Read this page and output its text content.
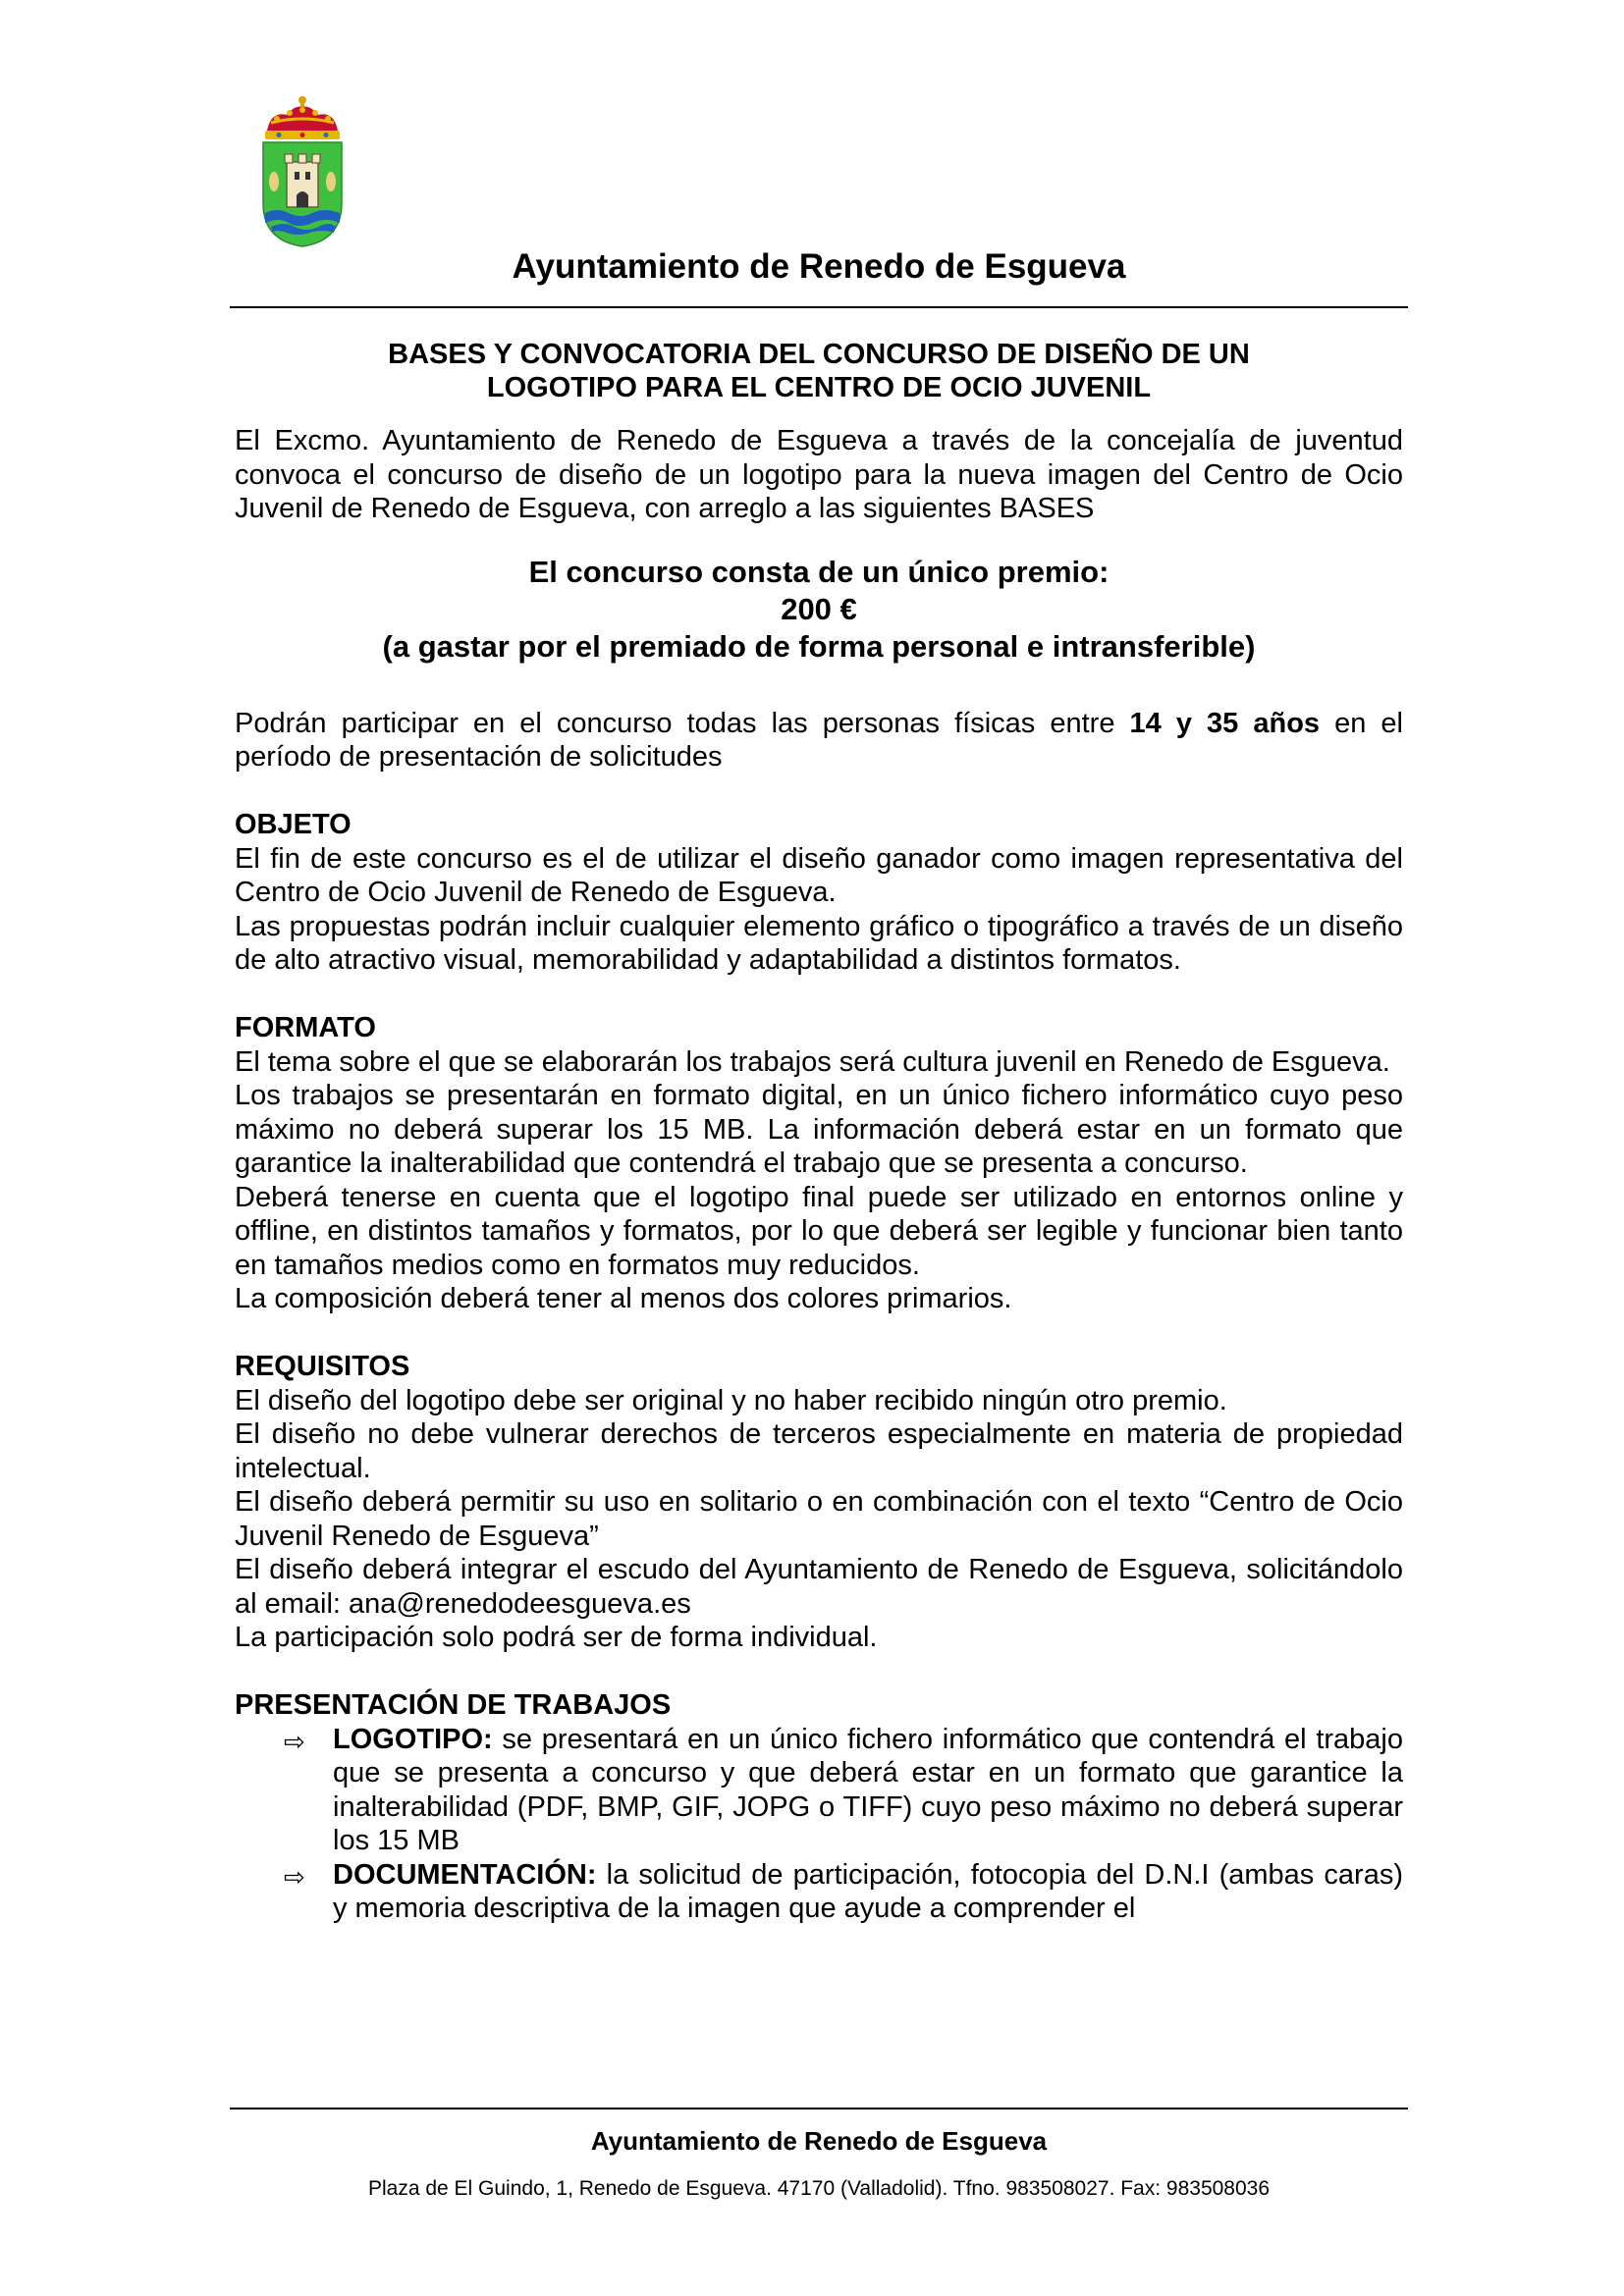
Ayuntamiento de Renedo de Esgueva

BASES Y CONVOCATORIA DEL CONCURSO DE DISEÑO DE UN
LOGOTIPO PARA EL CENTRO DE OCIO JUVENIL

El Excmo. Ayuntamiento de Renedo de Esgueva a través de la concejalía de juventud convoca el concurso de diseño de un logotipo para la nueva imagen del Centro de Ocio Juvenil de Renedo de Esgueva, con arreglo a las siguientes BASES

El concurso consta de un único premio:
200 €
(a gastar por el premiado de forma personal e intransferible)

Podrán participar en el concurso todas las personas físicas entre 14 y 35 años en el período de presentación de solicitudes

OBJETO

El fin de este concurso es el de utilizar el diseño ganador como imagen representativa del Centro de Ocio Juvenil de Renedo de Esgueva.

Las propuestas podrán incluir cualquier elemento gráfico o tipográfico a través de un diseño de alto atractivo visual, memorabilidad y adaptabilidad a distintos formatos.

FORMATO

El tema sobre el que se elaborarán los trabajos será cultura juvenil en Renedo de Esgueva.

Los trabajos se presentarán en formato digital, en un único fichero informático cuyo peso máximo no deberá superar los 15 MB. La información deberá estar en un formato que garantice la inalterabilidad que contendrá el trabajo que se presenta a concurso.

Deberá tenerse en cuenta que el logotipo final puede ser utilizado en entornos online y offline, en distintos tamaños y formatos, por lo que deberá ser legible y funcionar bien tanto en tamaños medios como en formatos muy reducidos.

La composición deberá tener al menos dos colores primarios.

REQUISITOS

El diseño del logotipo debe ser original y no haber recibido ningún otro premio.

El diseño no debe vulnerar derechos de terceros especialmente en materia de propiedad intelectual.

El diseño deberá permitir su uso en solitario o en combinación con el texto “Centro de Ocio Juvenil Renedo de Esgueva”

El diseño deberá integrar el escudo del Ayuntamiento de Renedo de Esgueva, solicitándolo al email: ana@renedodeesgueva.es

La participación solo podrá ser de forma individual.

PRESENTACIÓN DE TRABAJOS

⇨ LOGOTIPO: se presentará en un único fichero informático que contendrá el trabajo que se presenta a concurso y que deberá estar en un formato que garantice la inalterabilidad (PDF, BMP, GIF, JOPG o TIFF) cuyo peso máximo no deberá superar los 15 MB
⇨ DOCUMENTACIÓN: la solicitud de participación, fotocopia del D.N.I (ambas caras) y memoria descriptiva de la imagen que ayude a comprender el
Ayuntamiento de Renedo de Esgueva
Plaza de El Guindo, 1, Renedo de Esgueva. 47170 (Valladolid). Tfno. 983508027. Fax: 983508036
